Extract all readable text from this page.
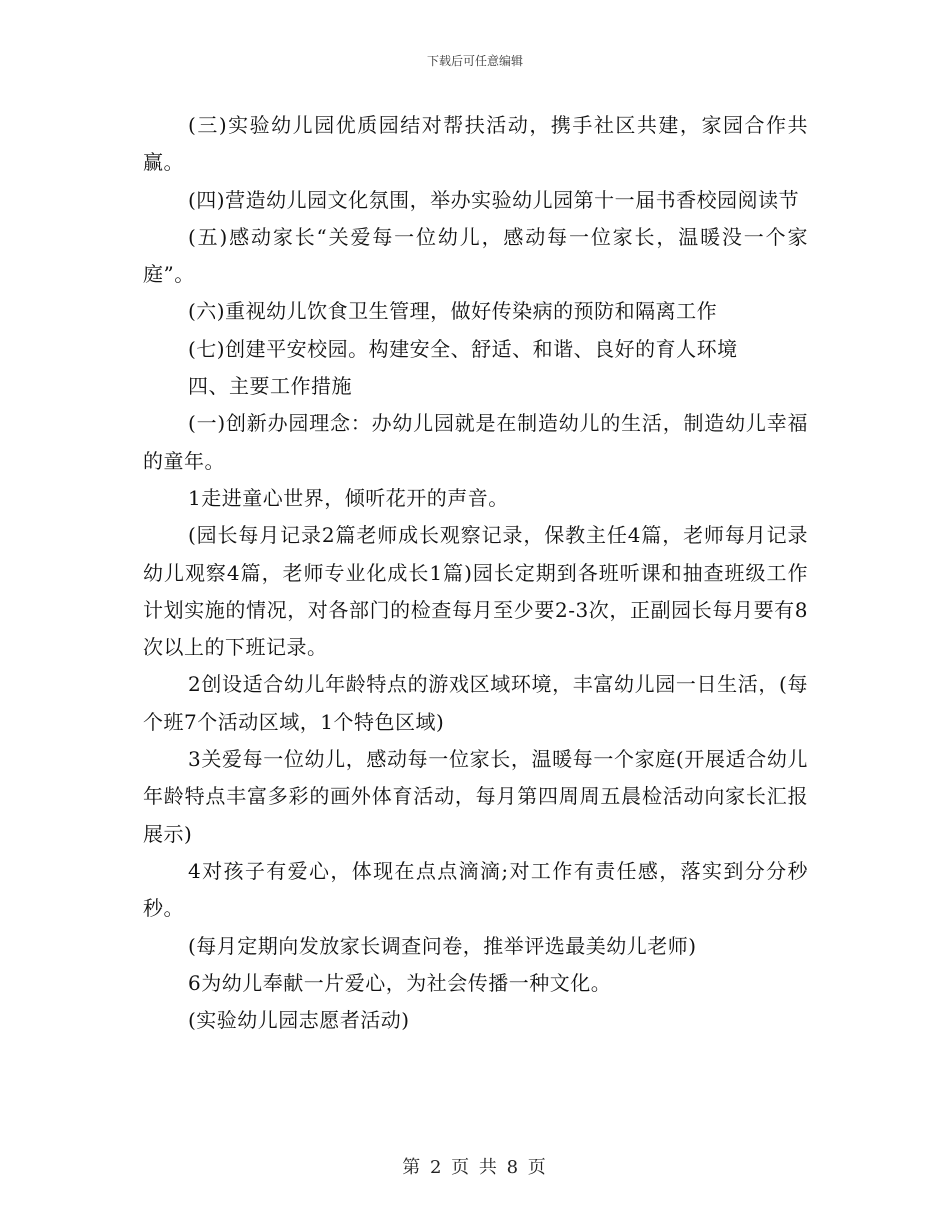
下载后可任意编辑

(三)实验幼儿园优质园结对帮扶活动，携手社区共建，家园合作共赢。

(四)营造幼儿园文化氛围，举办实验幼儿园第十一届书香校园阅读节

(五)感动家长“关爱每一位幼儿，感动每一位家长，温暖没一个家庭”。

(六)重视幼儿饮食卫生管理，做好传染病的预防和隔离工作

(七)创建平安校园。构建安全、舒适、和谐、良好的育人环境

四、主要工作措施

(一)创新办园理念：办幼儿园就是在制造幼儿的生活，制造幼儿幸福的童年。

1走进童心世界，倾听花开的声音。

(园长每月记录2篇老师成长观察记录，保教主任4篇，老师每月记录幼儿观察4篇，老师专业化成长1篇)园长定期到各班听课和抽查班级工作计划实施的情况，对各部门的检查每月至少要2-3次，正副园长每月要有8次以上的下班记录。

2创设适合幼儿年龄特点的游戏区域环境，丰富幼儿园一日生活，(每个班7个活动区域，1个特色区域)

3关爱每一位幼儿，感动每一位家长，温暖每一个家庭(开展适合幼儿年龄特点丰富多彩的画外体育活动，每月第四周周五晨检活动向家长汇报展示)

4对孩子有爱心，体现在点点滴滴;对工作有责任感，落实到分分秒秒。

(每月定期向发放家长调查问卷，推举评选最美幼儿老师)

6为幼儿奉献一片爱心，为社会传播一种文化。

(实验幼儿园志愿者活动)

第 2 页 共 8 页
